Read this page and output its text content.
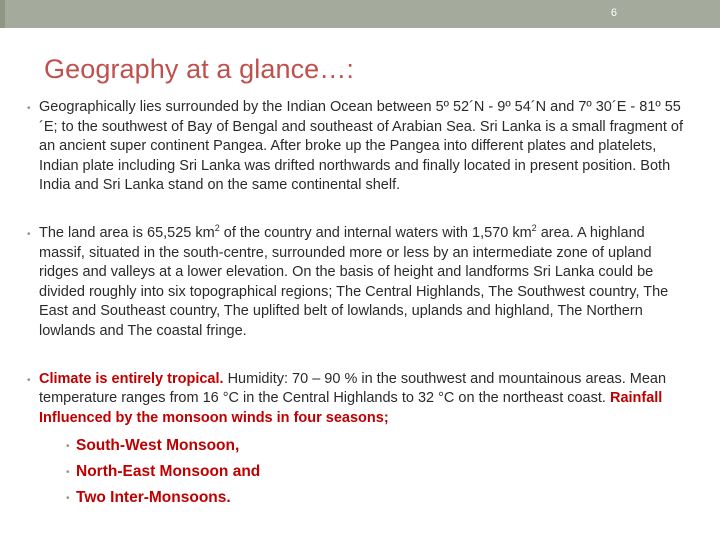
6
Geography at a glance…:
• Geographically lies surrounded by the Indian Ocean between 5º 52´N - 9º 54´N and 7º 30´E - 81º 55´E; to the southwest of Bay of Bengal and southeast of Arabian Sea. Sri Lanka is a small fragment of an ancient super continent Pangea. After broke up the Pangea into different plates and platelets, Indian plate including Sri Lanka was drifted northwards and finally located in present position. Both India and Sri Lanka stand on the same continental shelf.
• The land area is 65,525 $km^2$ of the country and internal waters with 1,570 $km^2$ area. A highland massif, situated in the south-centre, surrounded more or less by an intermediate zone of upland ridges and valleys at a lower elevation. On the basis of height and landforms Sri Lanka could be divided roughly into six topographical regions; The Central Highlands, The Southwest country, The East and Southeast country, The uplifted belt of lowlands, uplands and highland, The Northern lowlands and The coastal fringe.
• Climate is entirely tropical. Humidity: 70 – 90 % in the southwest and mountainous areas. Mean temperature ranges from 16 °C in the Central Highlands to 32 °C on the northeast coast. Rainfall Influenced by the monsoon winds in four seasons;
• South-West Monsoon,
• North-East Monsoon and
• Two Inter-Monsoons.
